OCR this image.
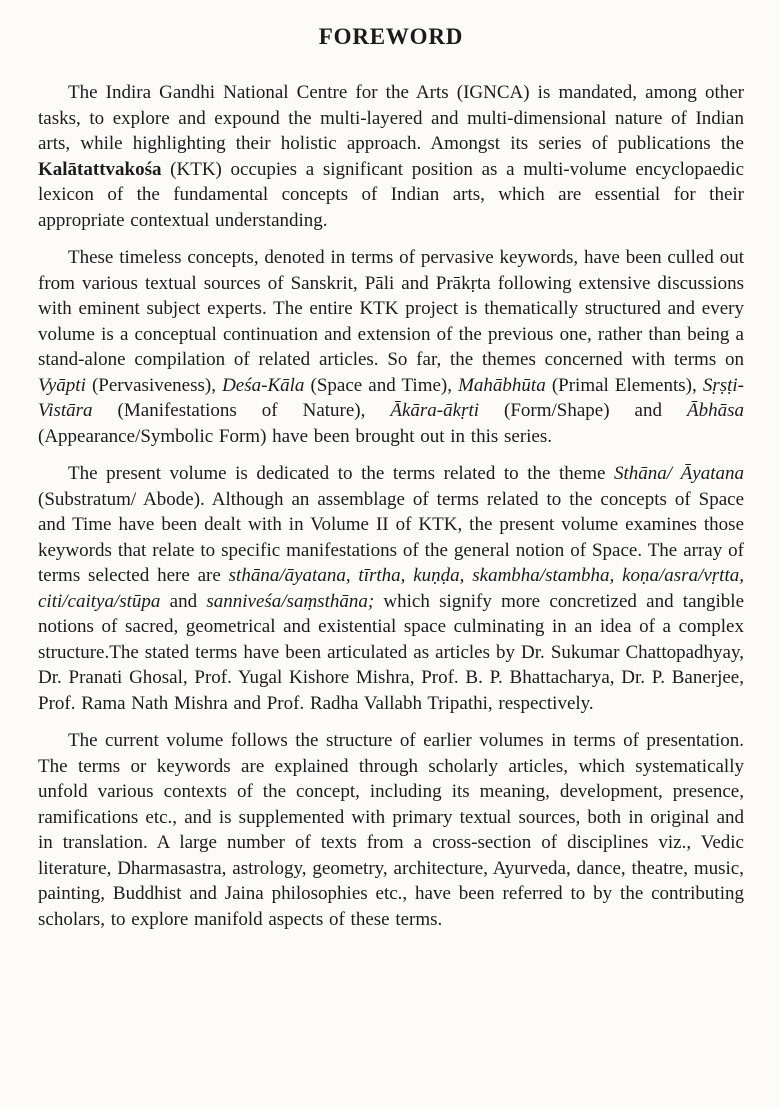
FOREWORD

The Indira Gandhi National Centre for the Arts (IGNCA) is mandated, among other tasks, to explore and expound the multi-layered and multi-dimensional nature of Indian arts, while highlighting their holistic approach. Amongst its series of publications the Kalātattvakośa (KTK) occupies a significant position as a multi-volume encyclopaedic lexicon of the fundamental concepts of Indian arts, which are essential for their appropriate contextual understanding.

These timeless concepts, denoted in terms of pervasive keywords, have been culled out from various textual sources of Sanskrit, Pāli and Prākṛta following extensive discussions with eminent subject experts. The entire KTK project is thematically structured and every volume is a conceptual continuation and extension of the previous one, rather than being a stand-alone compilation of related articles. So far, the themes concerned with terms on Vyāpti (Pervasiveness), Deśa-Kāla (Space and Time), Mahābhūta (Primal Elements), Sṛṣṭi-Vistāra (Manifestations of Nature), Ākāra-ākṛti (Form/Shape) and Ābhāsa (Appearance/Symbolic Form) have been brought out in this series.

The present volume is dedicated to the terms related to the theme Sthāna/ Āyatana (Substratum/ Abode). Although an assemblage of terms related to the concepts of Space and Time have been dealt with in Volume II of KTK, the present volume examines those keywords that relate to specific manifestations of the general notion of Space. The array of terms selected here are sthāna/āyatana, tīrtha, kuṇḍa, skambha/stambha, koṇa/asra/vṛtta, citi/caitya/stūpa and sanniveśa/saṃsthāna; which signify more concretized and tangible notions of sacred, geometrical and existential space culminating in an idea of a complex structure.The stated terms have been articulated as articles by Dr. Sukumar Chattopadhyay, Dr. Pranati Ghosal, Prof. Yugal Kishore Mishra, Prof. B. P. Bhattacharya, Dr. P. Banerjee, Prof. Rama Nath Mishra and Prof. Radha Vallabh Tripathi, respectively.

The current volume follows the structure of earlier volumes in terms of presentation. The terms or keywords are explained through scholarly articles, which systematically unfold various contexts of the concept, including its meaning, development, presence, ramifications etc., and is supplemented with primary textual sources, both in original and in translation. A large number of texts from a cross-section of disciplines viz., Vedic literature, Dharmasastra, astrology, geometry, architecture, Ayurveda, dance, theatre, music, painting, Buddhist and Jaina philosophies etc., have been referred to by the contributing scholars, to explore manifold aspects of these terms.
